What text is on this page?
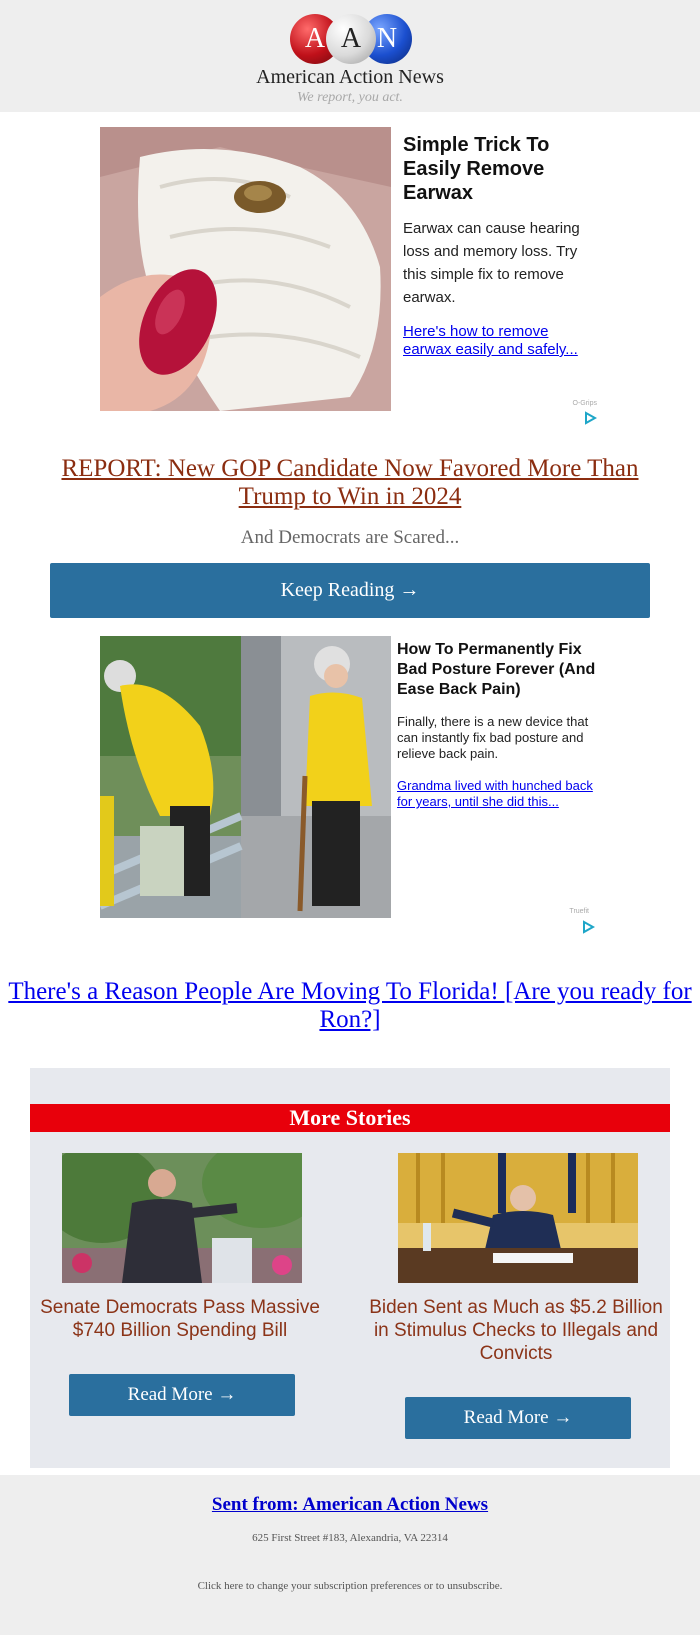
A A N
American Action News
We report, you act.
Simple Trick To Easily Remove Earwax
Earwax can cause hearing loss and memory loss. Try this simple fix to remove earwax.
Here's how to remove earwax easily and safely...
O-Grips
REPORT: New GOP Candidate Now Favored More Than Trump to Win in 2024
And Democrats are Scared...
Keep Reading →
How To Permanently Fix Bad Posture Forever (And Ease Back Pain)
Finally, there is a new device that can instantly fix bad posture and relieve back pain.
Grandma lived with hunched back for years, until she did this...
Truefit
There's a Reason People Are Moving To Florida! [Are you ready for Ron?]
More Stories
Senate Democrats Pass Massive $740 Billion Spending Bill
Read More →
Biden Sent as Much as $5.2 Billion in Stimulus Checks to Illegals and Convicts
Read More →
Sent from: American Action News
625 First Street #183, Alexandria, VA 22314
Click here to change your subscription preferences or to unsubscribe.
